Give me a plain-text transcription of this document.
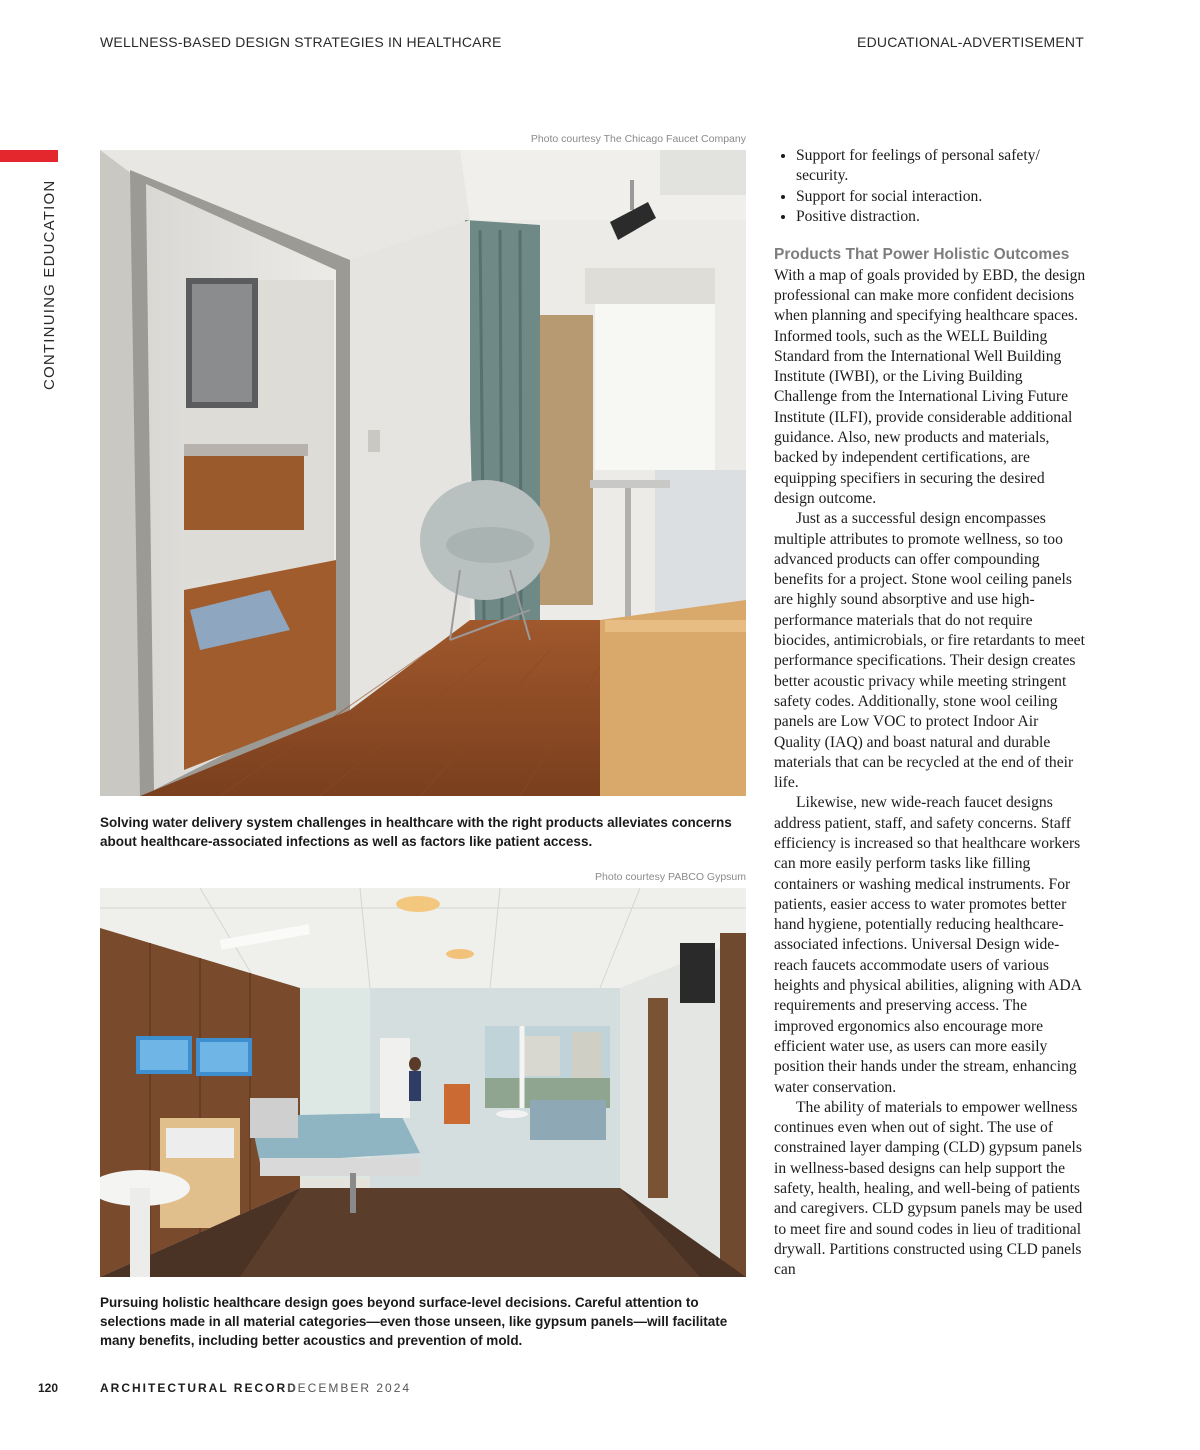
WELLNESS-BASED DESIGN STRATEGIES IN HEALTHCARE	EDUCATIONAL-ADVERTISEMENT
CONTINUING EDUCATION
Photo courtesy The Chicago Faucet Company
Solving water delivery system challenges in healthcare with the right products alleviates concerns about healthcare-associated infections as well as factors like patient access.
Photo courtesy PABCO Gypsum
Pursuing holistic healthcare design goes beyond surface-level decisions. Careful attention to selections made in all material categories—even those unseen, like gypsum panels—will facilitate many benefits, including better acoustics and prevention of mold.
• Support for feelings of personal safety/ security.
• Support for social interaction.
• Positive distraction.
Products That Power Holistic Outcomes

With a map of goals provided by EBD, the design professional can make more confident decisions when planning and specifying healthcare spaces. Informed tools, such as the WELL Building Standard from the International Well Building Institute (IWBI), or the Living Building Challenge from the International Living Future Institute (ILFI), provide considerable additional guidance. Also, new products and materials, backed by independent certifications, are equipping specifiers in securing the desired design outcome.

Just as a successful design encompasses multiple attributes to promote wellness, so too advanced products can offer compounding benefits for a project. Stone wool ceiling panels are highly sound absorptive and use high-performance materials that do not require biocides, antimicrobials, or fire retardants to meet performance specifications. Their design creates better acoustic privacy while meeting stringent safety codes. Additionally, stone wool ceiling panels are Low VOC to protect Indoor Air Quality (IAQ) and boast natural and durable materials that can be recycled at the end of their life.

Likewise, new wide-reach faucet designs address patient, staff, and safety concerns. Staff efficiency is increased so that healthcare workers can more easily perform tasks like filling containers or washing medical instruments. For patients, easier access to water promotes better hand hygiene, potentially reducing healthcare-associated infections. Universal Design wide-reach faucets accommodate users of various heights and physical abilities, aligning with ADA requirements and preserving access. The improved ergonomics also encourage more efficient water use, as users can more easily position their hands under the stream, enhancing water conservation.

The ability of materials to empower wellness continues even when out of sight. The use of constrained layer damping (CLD) gypsum panels in wellness-based designs can help support the safety, health, healing, and well-being of patients and caregivers. CLD gypsum panels may be used to meet fire and sound codes in lieu of traditional drywall. Partitions constructed using CLD panels can

120	ARCHITECTURAL RECORD
DECEMBER 2024
